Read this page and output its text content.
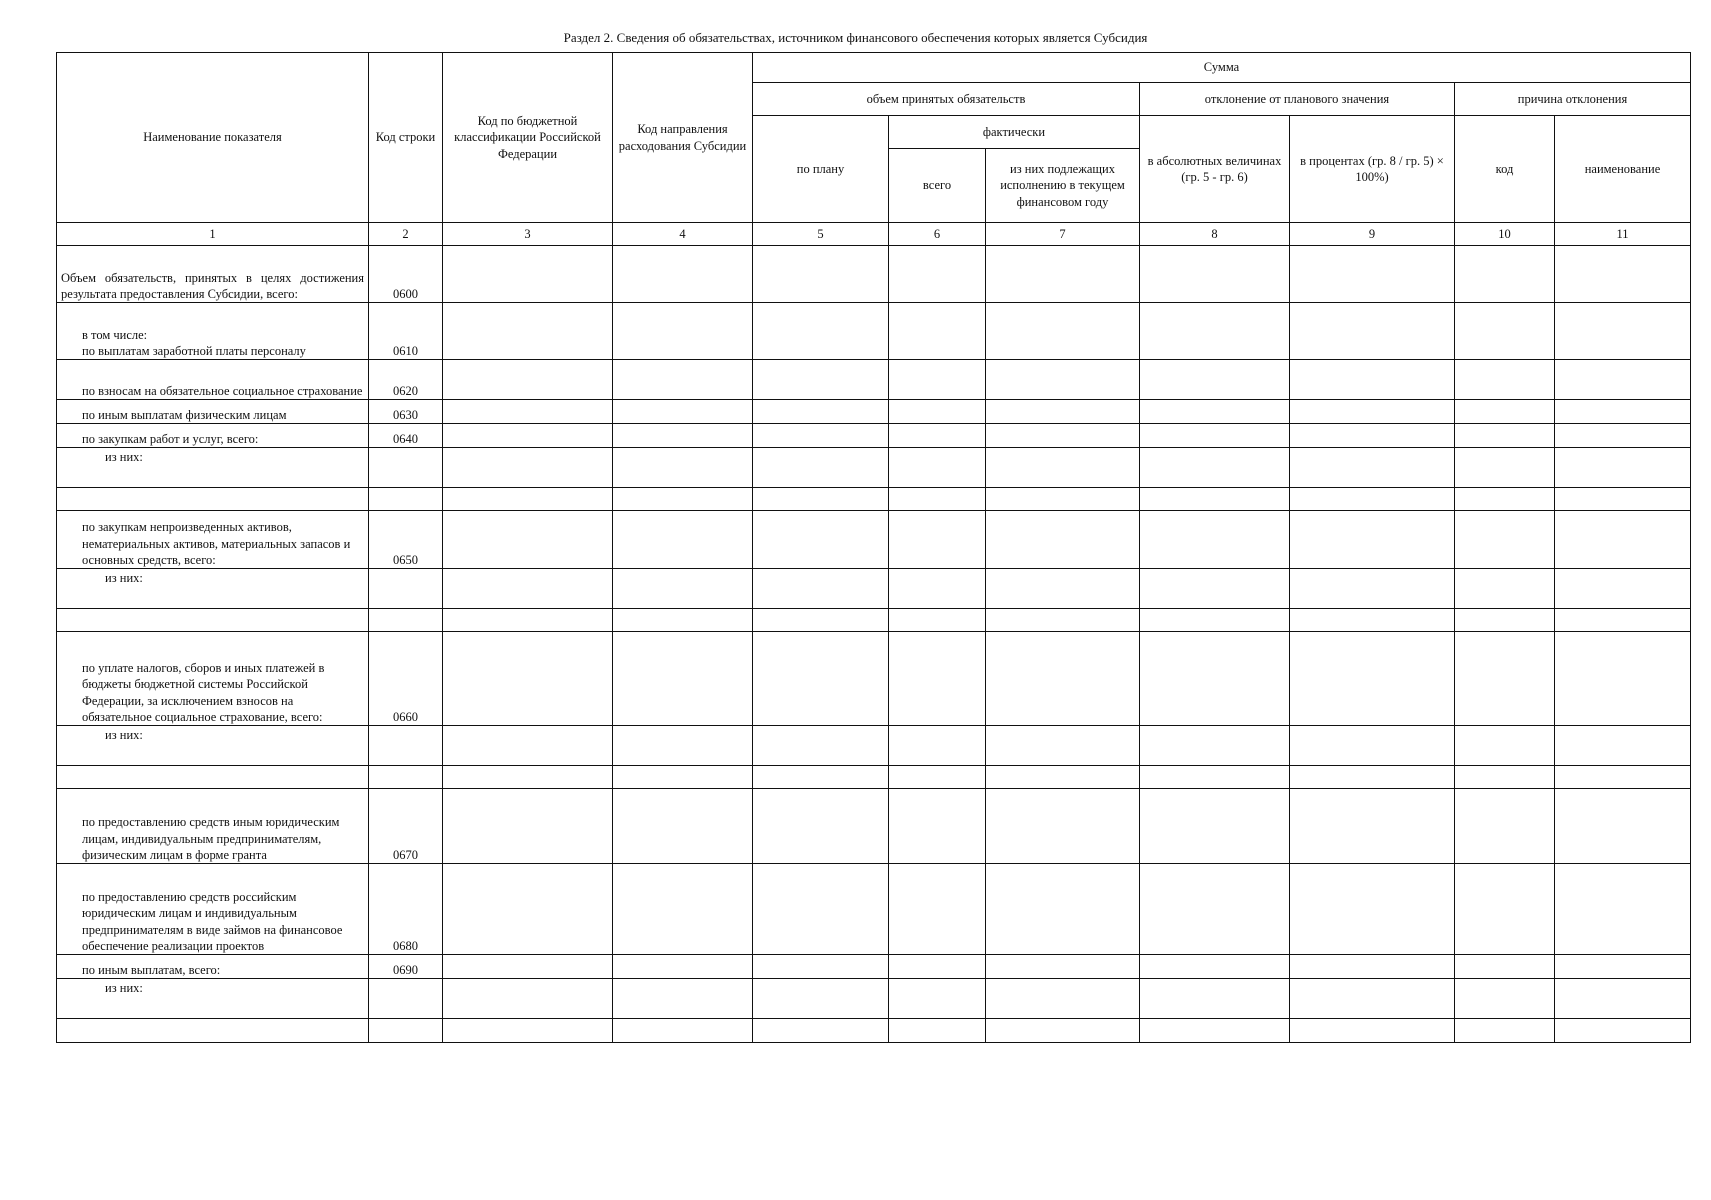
Раздел 2. Сведения об обязательствах, источником финансового обеспечения которых является Субсидия
Наименование показателя	Код строки	Код по бюджетной классификации Российской Федерации	Код направления расходования Субсидии	Сумма						
				объем принятых обязательств			отклонение от планового значения		причина отклонения	
				по плану	фактически		в абсолютных величинах (гр. 5 - гр. 6)	в процентах (гр. 8 / гр. 5) × 100%)	код	наименование
					всего	из них подлежащих исполнению в текущем финансовом году				

1	2	3	4	5	6	7	8	9	10	11
Объем обязательств, принятых в целях достижения результата предоставления Субсидии, всего:	0600									
в том числе:
по выплатам заработной платы персоналу	0610									
по взносам на обязательное социальное страхование	0620									
по иным выплатам физическим лицам	0630									
по закупкам работ и услуг, всего:	0640									
из них:										

по закупкам непроизведенных активов, нематериальных активов, материальных запасов и основных средств, всего:	0650									
из них:										

по уплате налогов, сборов и иных платежей в бюджеты бюджетной системы Российской Федерации, за исключением взносов на обязательное социальное страхование, всего:	0660									
из них:										

по предоставлению средств иным юридическим лицам, индивидуальным предпринимателям, физическим лицам в форме гранта	0670									
по предоставлению средств российским юридическим лицам и индивидуальным предпринимателям в виде займов на финансовое обеспечение реализации проектов	0680									
по иным выплатам, всего:	0690									
из них:										
